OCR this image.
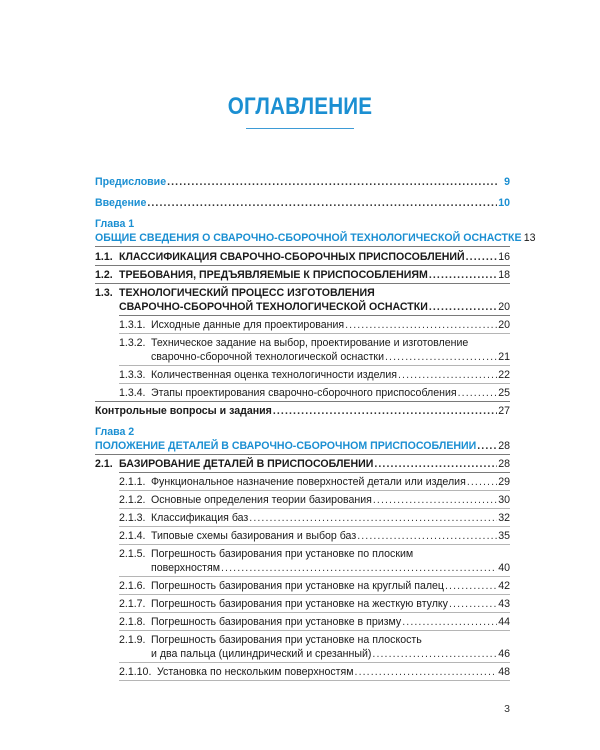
ОГЛАВЛЕНИЕ
Предисловие .....	9
Введение .....	10
Глава 1
ОБЩИЕ СВЕДЕНИЯ О СВАРОЧНО-СБОРОЧНОЙ ТЕХНОЛОГИЧЕСКОЙ ОСНАСТКЕ 13
1.1. КЛАССИФИКАЦИЯ СВАРОЧНО-СБОРОЧНЫХ ПРИСПОСОБЛЕНИЙ .....	16
1.2. ТРЕБОВАНИЯ, ПРЕДЪЯВЛЯЕМЫЕ К ПРИСПОСОБЛЕНИЯМ .....	18
1.3. ТЕХНОЛОГИЧЕСКИЙ ПРОЦЕСС ИЗГОТОВЛЕНИЯ
СВАРОЧНО-СБОРОЧНОЙ ТЕХНОЛОГИЧЕСКОЙ ОСНАСТКИ .....	20
1.3.1. Исходные данные для проектирования .....	20
1.3.2. Техническое задание на выбор, проектирование и изготовление
сварочно-сборочной технологической оснастки .....	21
1.3.3. Количественная оценка технологичности изделия .....	22
1.3.4. Этапы проектирования сварочно-сборочного приспособления .....	25
Контрольные вопросы и задания .....	27
Глава 2
ПОЛОЖЕНИЕ ДЕТАЛЕЙ В СВАРОЧНО-СБОРОЧНОМ ПРИСПОСОБЛЕНИИ ..... 28
2.1. БАЗИРОВАНИЕ ДЕТАЛЕЙ В ПРИСПОСОБЛЕНИИ .....	28
2.1.1. Функциональное назначение поверхностей детали или изделия .....	29
2.1.2. Основные определения теории базирования .....	30
2.1.3. Классификация баз .....	32
2.1.4. Типовые схемы базирования и выбор баз .....	35
2.1.5. Погрешность базирования при установке по плоским
поверхностям .....	40
2.1.6. Погрешность базирования при установке на круглый палец .....	42
2.1.7. Погрешность базирования при установке на жесткую втулку .....	43
2.1.8. Погрешность базирования при установке в призму .....	44
2.1.9. Погрешность базирования при установке на плоскость
и два пальца (цилиндрический и срезанный) .....	46
2.1.10. Установка по нескольким поверхностям .....	48
3
